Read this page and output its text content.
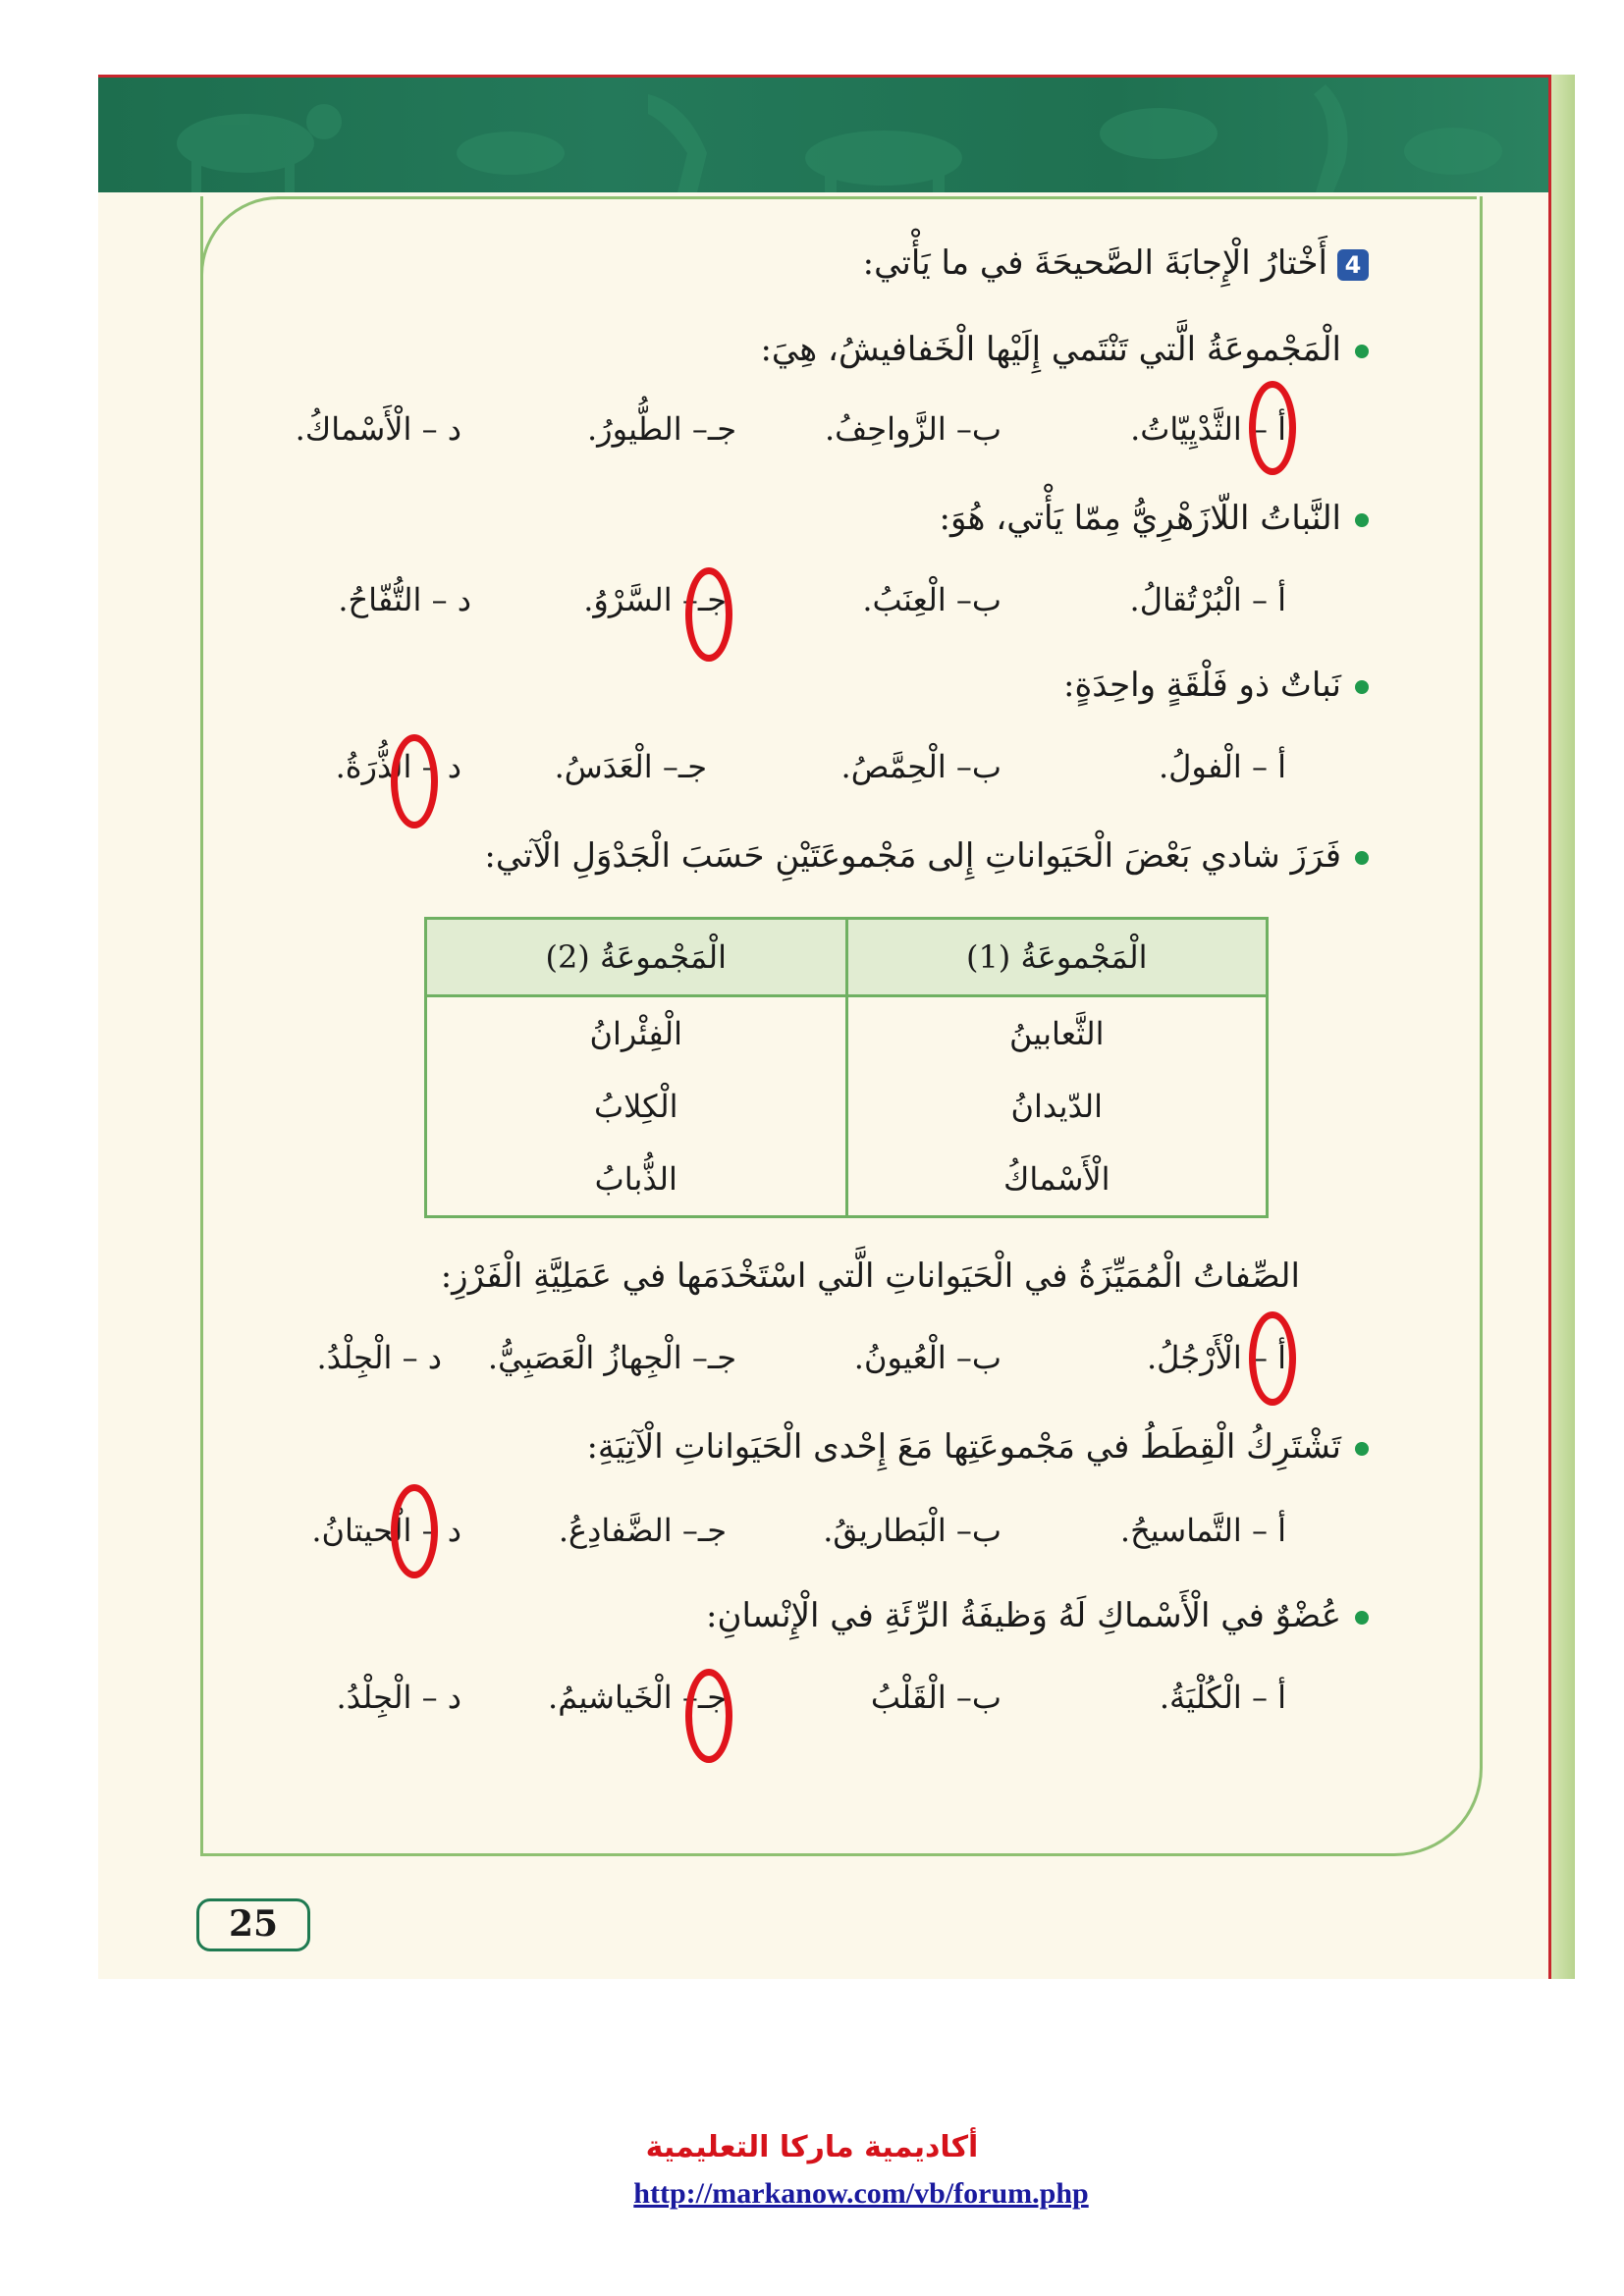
25
4أَخْتارُ الْإِجابَةَ الصَّحيحَةَ في ما يَأْتي:
الْمَجْموعَةُ الَّتي تَنْتَمي إِلَيْها الْخَفافيشُ، هِيَ:
أ – الثَّدْيِيّاتُ.
ب– الزَّواحِفُ.
جـ– الطُّيورُ.
د – الْأَسْماكُ.
النَّباتُ اللّازَهْرِيُّ مِمّا يَأْتي، هُوَ:
أ – الْبُرْتُقالُ.
ب– الْعِنَبُ.
جـ– السَّرْوُ.
د – التُّفّاحُ.
نَباتٌ ذو فَلْقَةٍ واحِدَةٍ:
أ – الْفولُ.
ب– الْحِمَّصُ.
جـ– الْعَدَسُ.
د – الذُّرَةُ.
فَرَزَ شادي بَعْضَ الْحَيَواناتِ إِلى مَجْموعَتَيْنِ حَسَبَ الْجَدْوَلِ الْآتي:
الْمَجْموعَةُ (1)	الْمَجْموعَةُ (2)
الثَّعابينُ	الْفِئْرانُ
الدّيدانُ	الْكِلابُ
الْأَسْماكُ	الذُّبابُ
الصِّفاتُ الْمُمَيِّزَةُ في الْحَيَواناتِ الَّتي اسْتَخْدَمَها في عَمَلِيَّةِ الْفَرْزِ:
أ – الْأَرْجُلُ.
ب– الْعُيونُ.
جـ– الْجِهازُ الْعَصَبِيُّ.
د – الْجِلْدُ.
تَشْتَرِكُ الْقِطَطُ في مَجْموعَتِها مَعَ إِحْدى الْحَيَواناتِ الْآتِيَةِ:
أ – التَّماسيحُ.
ب– الْبَطاريقُ.
جـ– الضَّفادِعُ.
د – الْحيتانُ.
عُضْوٌ في الْأَسْماكِ لَهُ وَظيفَةُ الرِّئَةِ في الْإِنْسانِ:
أ – الْكُلْيَةُ.
ب– الْقَلْبُ
جـ– الْخَياشيمُ.
د – الْجِلْدُ.
أكاديمية ماركا التعليمية
http://markanow.com/vb/forum.php
